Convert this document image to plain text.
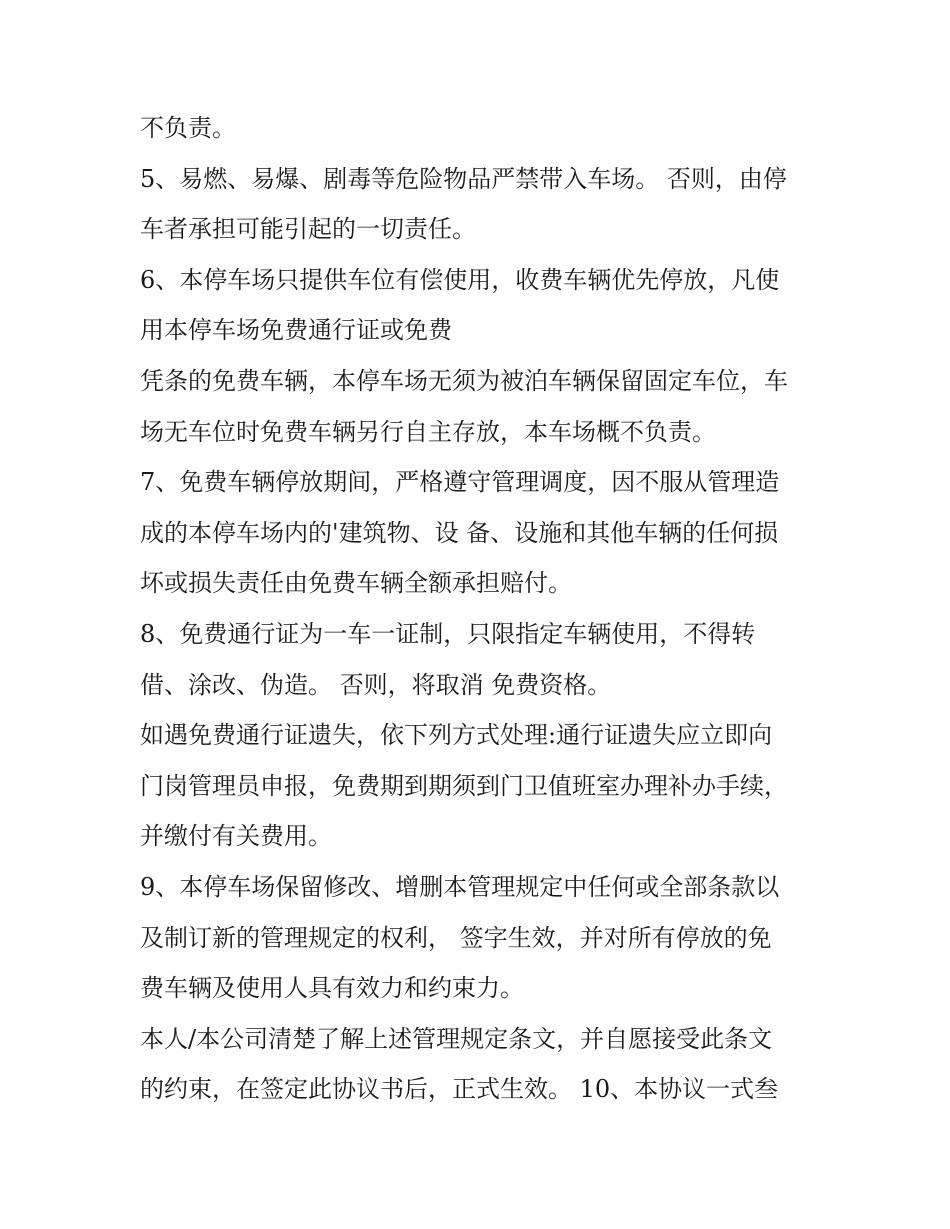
不负责。
5、易燃、易爆、剧毒等危险物品严禁带入车场。 否则，由停
车者承担可能引起的一切责任。
6、本停车场只提供车位有偿使用，收费车辆优先停放，凡使
用本停车场免费通行证或免费
凭条的免费车辆，本停车场无须为被泊车辆保留固定车位，车
场无车位时免费车辆另行自主存放，本车场概不负责。
7、免费车辆停放期间，严格遵守管理调度，因不服从管理造
成的本停车场内的'建筑物、设 备、设施和其他车辆的任何损
坏或损失责任由免费车辆全额承担赔付。
8、免费通行证为一车一证制，只限指定车辆使用，不得转
借、涂改、伪造。 否则，将取消 免费资格。
如遇免费通行证遗失，依下列方式处理:通行证遗失应立即向
门岗管理员申报，免费期到期须到门卫值班室办理补办手续，
并缴付有关费用。
9、本停车场保留修改、增删本管理规定中任何或全部条款以
及制订新的管理规定的权利， 签字生效，并对所有停放的免
费车辆及使用人具有效力和约束力。
本人/本公司清楚了解上述管理规定条文，并自愿接受此条文
的约束，在签定此协议书后，正式生效。 10、本协议一式叁
